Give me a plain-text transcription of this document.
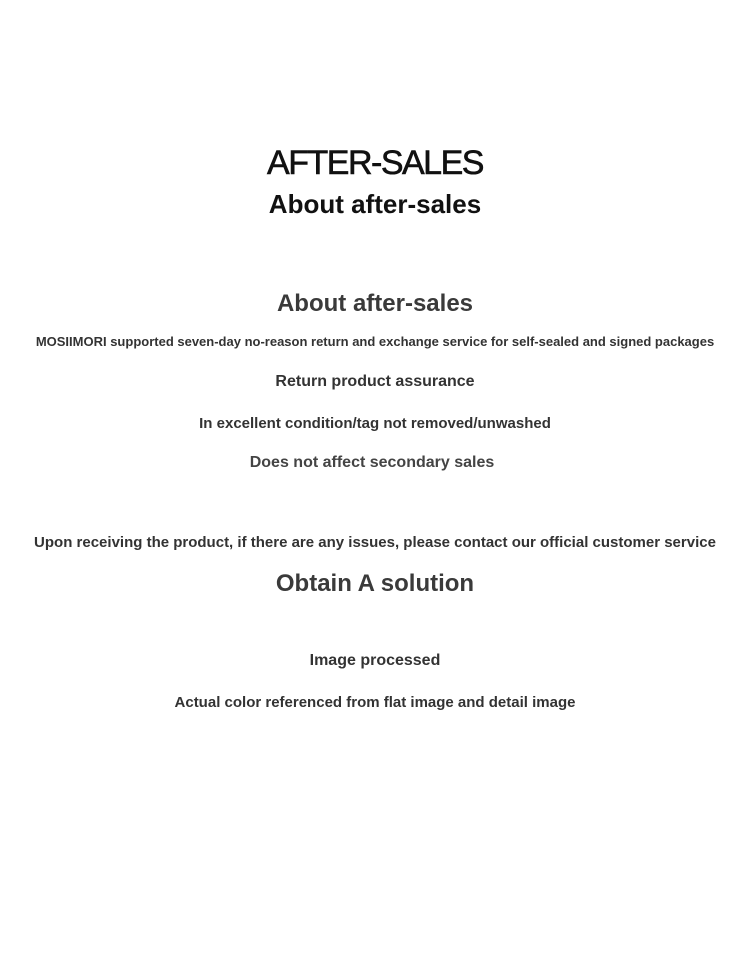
AFTER-SALES
About after-sales
About after-sales
MOSIIMORI supported seven-day no-reason return and exchange service for self-sealed and signed packages
Return product assurance
In excellent condition/tag not removed/unwashed
Does not affect secondary sales
Upon receiving the product, if there are any issues, please contact our official customer service
Obtain A solution
Image processed
Actual color referenced from flat image and detail image
